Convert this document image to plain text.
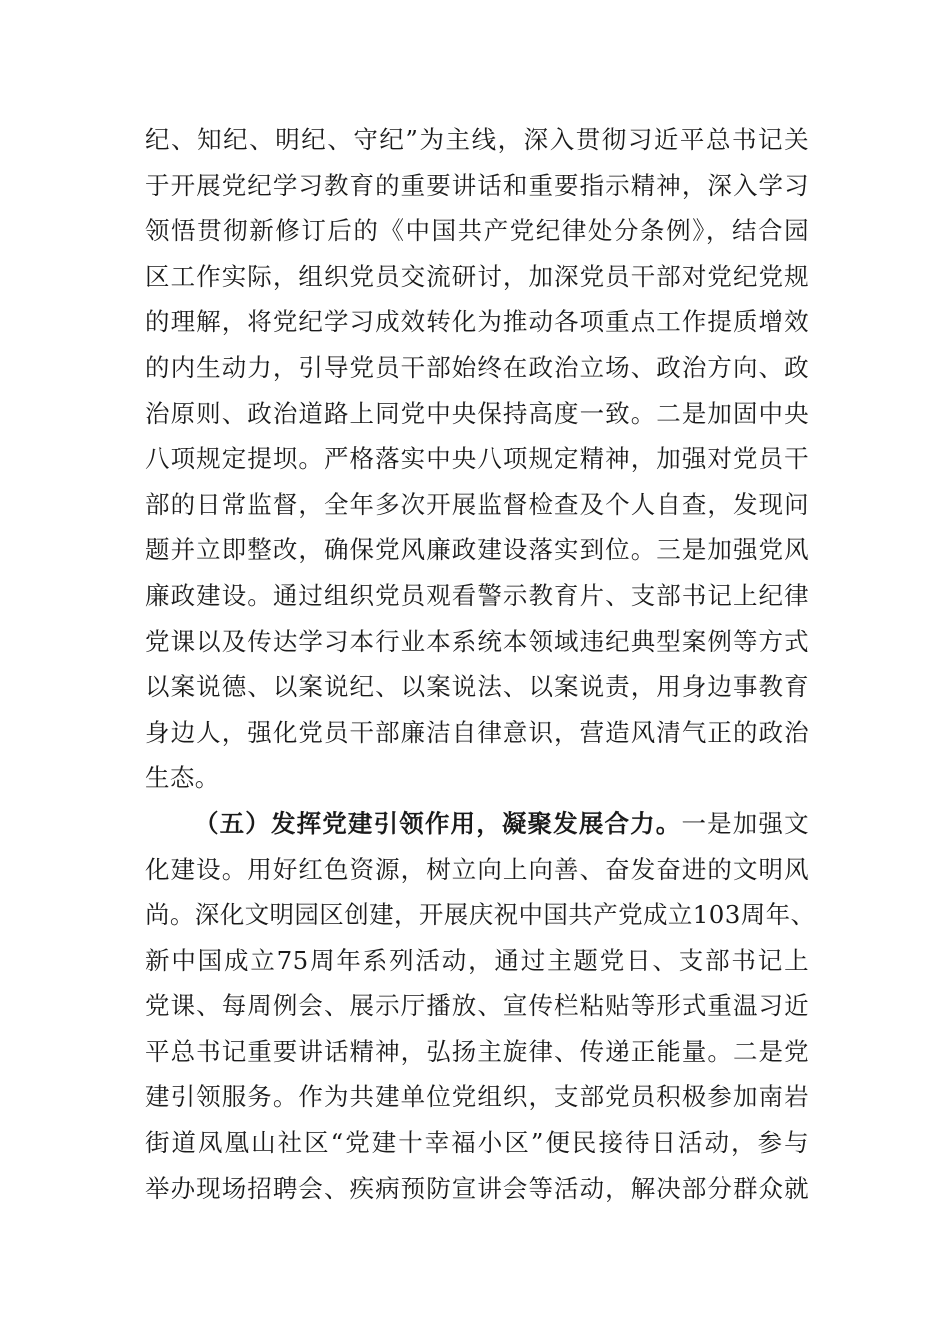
纪、知纪、明纪、守纪”为主线，深入贯彻习近平总书记关
于开展党纪学习教育的重要讲话和重要指示精神，深入学习
领悟贯彻新修订后的《中国共产党纪律处分条例》，结合园
区工作实际，组织党员交流研讨，加深党员干部对党纪党规
的理解，将党纪学习成效转化为推动各项重点工作提质增效
的内生动力，引导党员干部始终在政治立场、政治方向、政
治原则、政治道路上同党中央保持高度一致。二是加固中央
八项规定提坝。严格落实中央八项规定精神，加强对党员干
部的日常监督，全年多次开展监督检查及个人自查，发现问
题并立即整改，确保党风廉政建设落实到位。三是加强党风
廉政建设。通过组织党员观看警示教育片、支部书记上纪律
党课以及传达学习本行业本系统本领域违纪典型案例等方式
以案说德、以案说纪、以案说法、以案说责，用身边事教育
身边人，强化党员干部廉洁自律意识，营造风清气正的政治
生态。
（五）发挥党建引领作用，凝聚发展合力。一是加强文
化建设。用好红色资源，树立向上向善、奋发奋进的文明风
尚。深化文明园区创建，开展庆祝中国共产党成立103周年、
新中国成立75周年系列活动，通过主题党日、支部书记上
党课、每周例会、展示厅播放、宣传栏粘贴等形式重温习近
平总书记重要讲话精神，弘扬主旋律、传递正能量。二是党
建引领服务。作为共建单位党组织，支部党员积极参加南岩
街道凤凰山社区“党建十幸福小区”便民接待日活动，参与
举办现场招聘会、疾病预防宣讲会等活动，解决部分群众就
